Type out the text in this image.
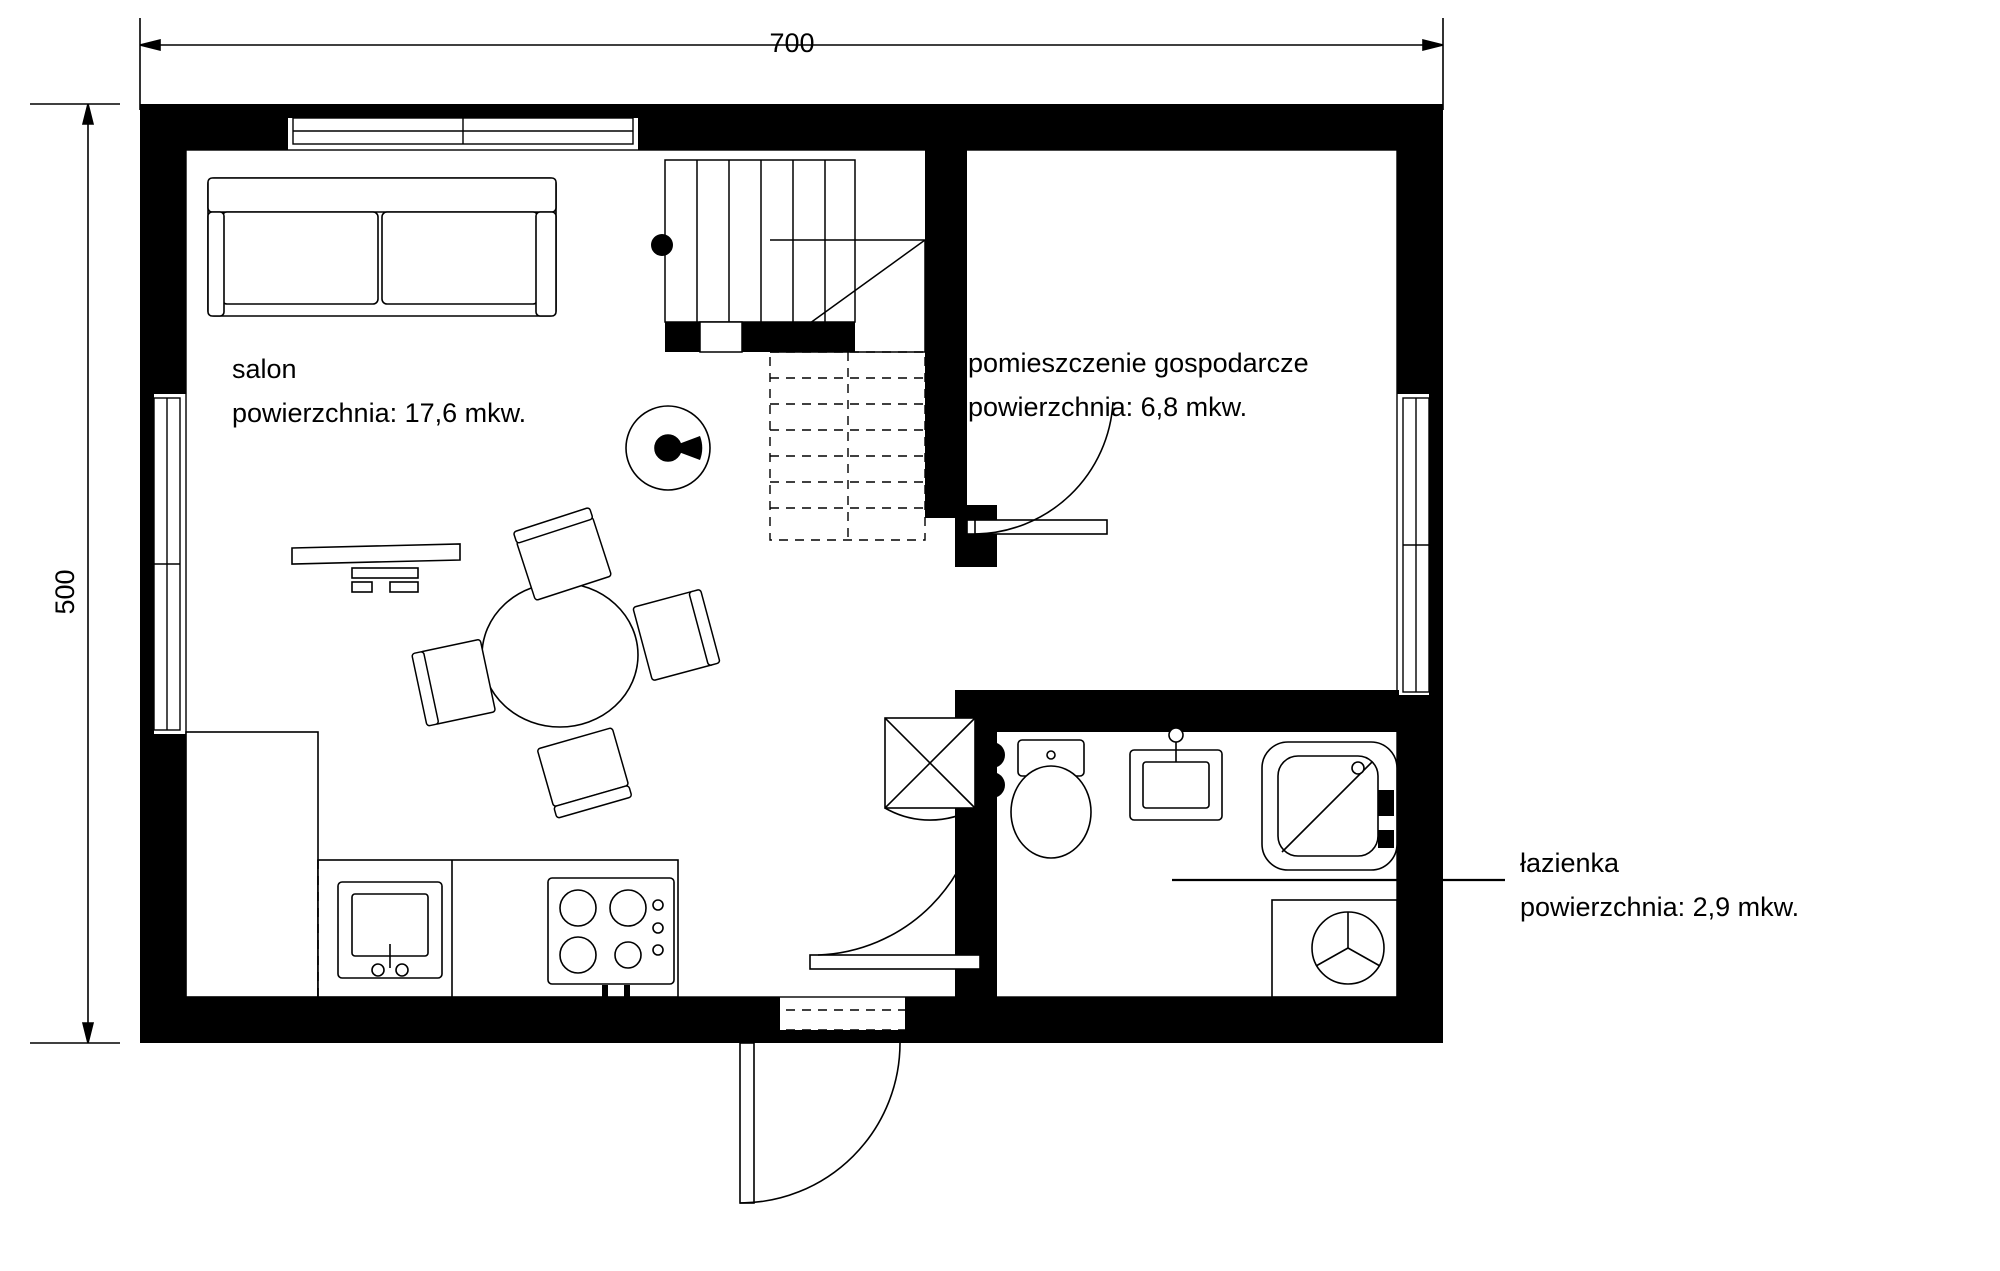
700
500
salon
powierzchnia: 17,6 mkw.
pomieszczenie gospodarcze
powierzchnia: 6,8 mkw.
łazienka
powierzchnia: 2,9 mkw.
